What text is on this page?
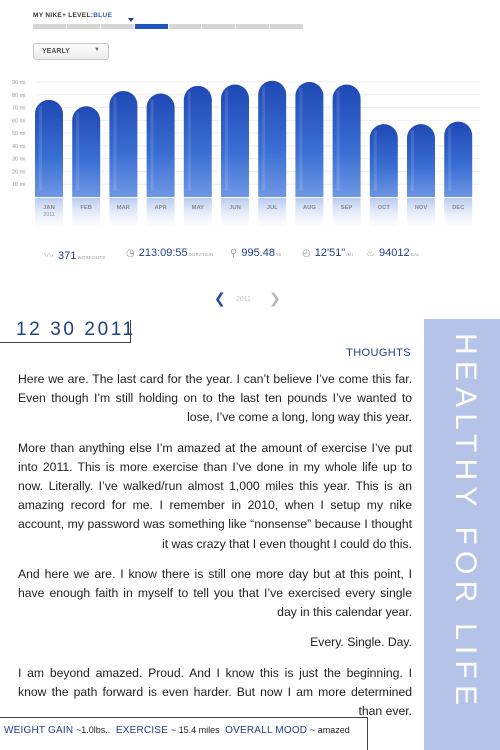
MY NIKE+ LEVEL:BLUE
YEARLY	▼
10 mi
20 mi
30 mi
40 mi
50 mi
60 mi
70 mi
80 mi
90 mi
JAN
2011
FEB	MAR	APR	MAY	JUN	JUL	AUG	SEP	OCT	NOV	DEC
〰 371 WORKOUTS ◷ 213:09:55 DURATION ⚲ 995.48 MI ◴ 12'51" /MI ♨ 94012 CAL
❮ 2011 ❯
12 30 2011
THOUGHTS

Here we are. The last card for the year. I can’t believe I’ve come this far. Even though I’m still holding on to the last ten pounds I’ve wanted to lose, I’ve come a long, long way this year.

More than anything else I’m amazed at the amount of exercise I’ve put into 2011. This is more exercise than I’ve done in my whole life up to now. Literally. I’ve walked/run almost 1,000 miles this year. This is an amazing record for me. I remember in 2010, when I setup my nike account, my password was something like “nonsense” because I thought it was crazy that I even thought I could do this.

And here we are. I know there is still one more day but at this point, I have enough faith in myself to tell you that I’ve exercised every single day in this calendar year.

Every. Single. Day.

I am beyond amazed. Proud. And I know this is just the beginning. I know the path forward is even harder. But now I am more determined than ever. HEALTHY FOR LIFE
WEIGHT GAIN ~1.0lbs.. EXERCISE ~ 15.4 miles OVERALL MOOD ~ amazed
